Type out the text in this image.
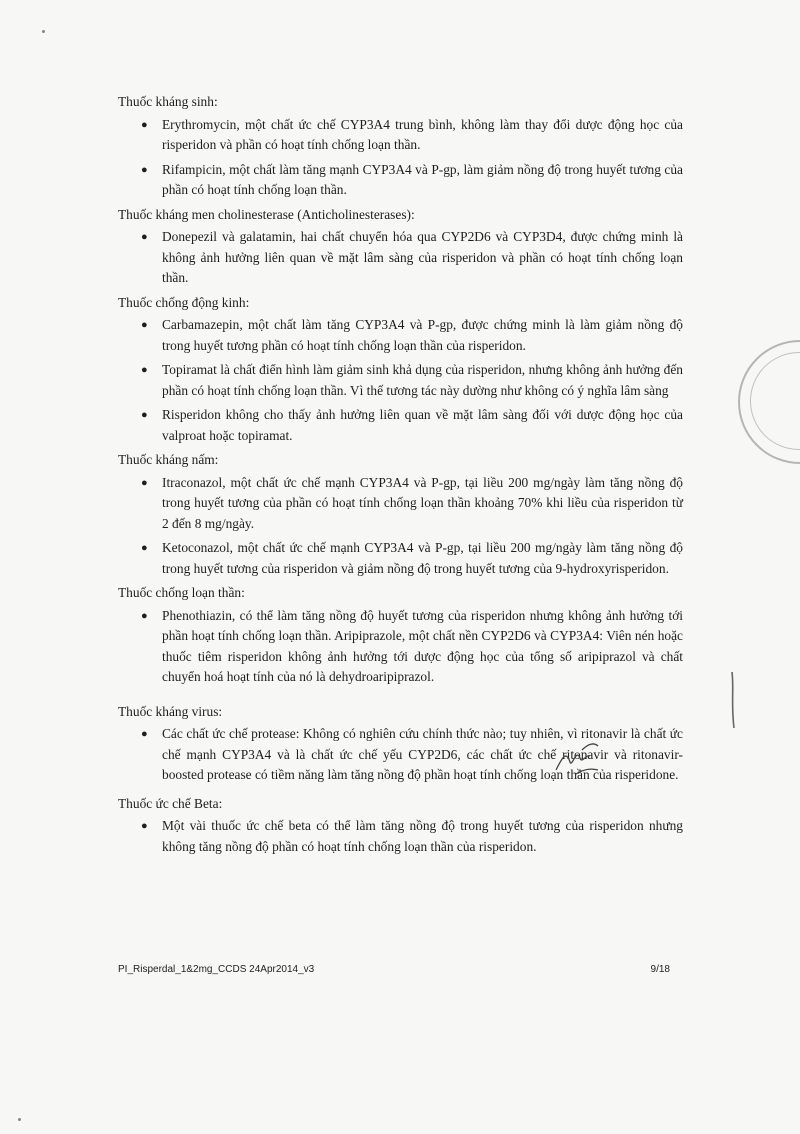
Thuốc kháng sinh:
● Erythromycin, một chất ức chế CYP3A4 trung bình, không làm thay đổi dược động học của risperidon và phần có hoạt tính chống loạn thần.
● Rifampicin, một chất làm tăng mạnh CYP3A4 và P-gp, làm giảm nồng độ trong huyết tương của phần có hoạt tính chống loạn thần.
Thuốc kháng men cholinesterase (Anticholinesterases):
● Donepezil và galatamin, hai chất chuyển hóa qua CYP2D6 và CYP3D4, được chứng minh là không ảnh hưởng liên quan về mặt lâm sàng của risperidon và phần có hoạt tính chống loạn thần.
Thuốc chống động kinh:
● Carbamazepin, một chất làm tăng CYP3A4 và P-gp, được chứng minh là làm giảm nồng độ trong huyết tương phần có hoạt tính chống loạn thần của risperidon.
● Topiramat là chất điển hình làm giảm sinh khả dụng của risperidon, nhưng không ảnh hưởng đến phần có hoạt tính chống loạn thần. Vì thế tương tác này dường như không có ý nghĩa lâm sàng
● Risperidon không cho thấy ảnh hưởng liên quan về mặt lâm sàng đối với dược động học của valproat hoặc topiramat.
Thuốc kháng nấm:
● Itraconazol, một chất ức chế mạnh CYP3A4 và P-gp, tại liều 200 mg/ngày làm tăng nồng độ trong huyết tương của phần có hoạt tính chống loạn thần khoảng 70% khi liều của risperidon từ 2 đến 8 mg/ngày.
● Ketoconazol, một chất ức chế mạnh CYP3A4 và P-gp, tại liều 200 mg/ngày làm tăng nồng độ trong huyết tương của risperidon và giảm nồng độ trong huyết tương của 9-hydroxyrisperidon.
Thuốc chống loạn thần:
● Phenothiazin, có thể làm tăng nồng độ huyết tương của risperidon nhưng không ảnh hưởng tới phần hoạt tính chống loạn thần. Aripiprazole, một chất nền CYP2D6 và CYP3A4: Viên nén hoặc thuốc tiêm risperidon không ảnh hưởng tới dược động học của tổng số aripiprazol và chất chuyển hoá hoạt tính của nó là dehydroaripiprazol.
Thuốc kháng virus:
● Các chất ức chế protease: Không có nghiên cứu chính thức nào; tuy nhiên, vì ritonavir là chất ức chế mạnh CYP3A4 và là chất ức chế yếu CYP2D6, các chất ức chế ritonavir và ritonavir-boosted protease có tiềm năng làm tăng nồng độ phần hoạt tính chống loạn thần của risperidone.
Thuốc ức chế Beta:
● Một vài thuốc ức chế beta có thể làm tăng nồng độ trong huyết tương của risperidon nhưng không tăng nồng độ phần có hoạt tính chống loạn thần của risperidon.
PI_Risperdal_1&2mg_CCDS 24Apr2014_v3	9/18
